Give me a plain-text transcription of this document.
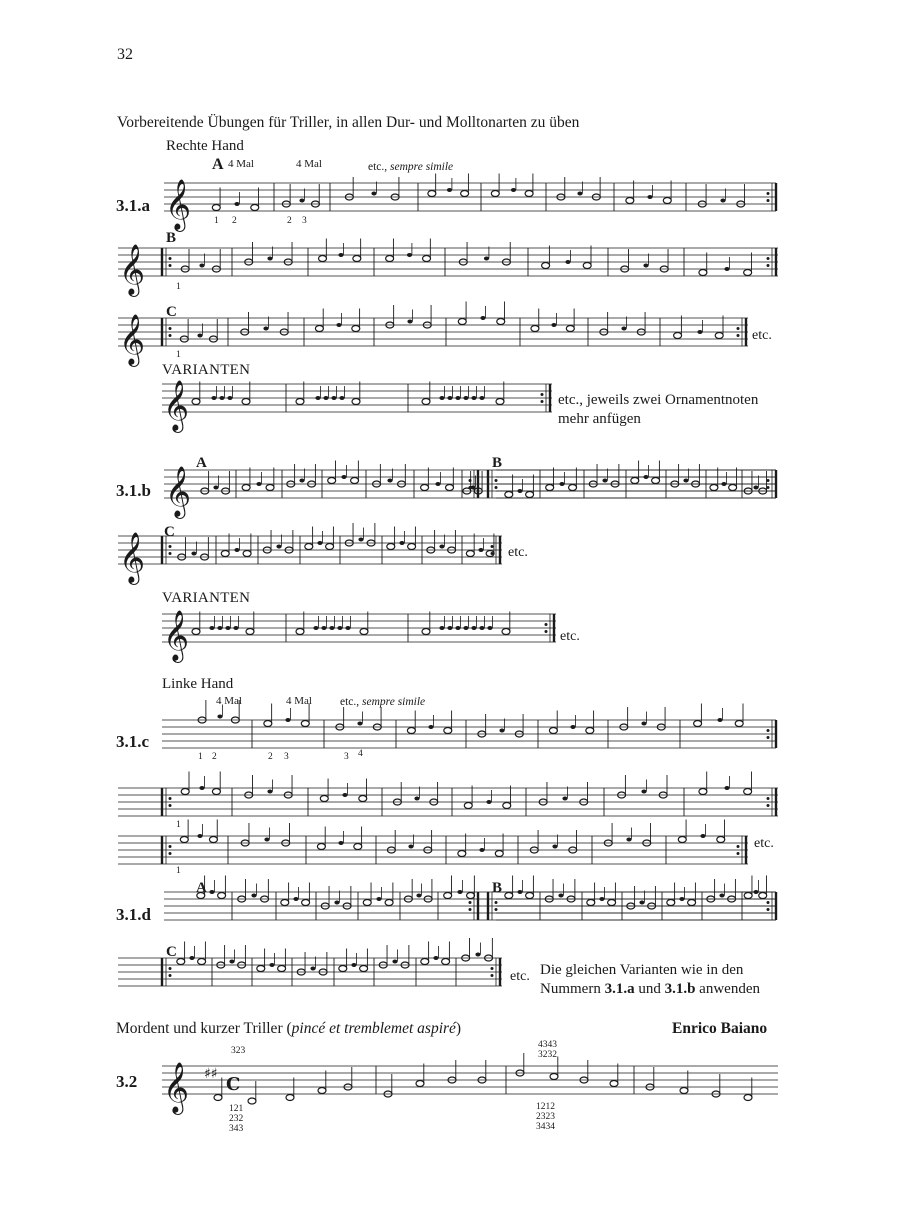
32
Vorbereitende Übungen für Triller, in allen Dur- und Molltonarten zu üben
Rechte Hand
A 4 Mal	4 Mal	etc., sempre simile
3.1.a
1 2	2 3
B
1
C
1
etc.
VARIANTEN
etc., jeweils zwei Ornamentnoten
mehr anfügen
A	B
3.1.b
C
etc.
VARIANTEN
etc.
Linke Hand
4 Mal	4 Mal etc., sempre simile
3.1.c
1 2	2 3	3 4
1
1
etc.
A	B
3.1.d
C
etc. Die gleichen Varianten wie in den
Nummern 3.1.a und 3.1.b anwenden
Mordent und kurzer Triller (pincé et tremblemet aspiré)	Enrico Baiano
3.2
323
121
232
343
4343
3232
1212
2323
3434
𝄞
𝄞
𝄞
𝄞
𝄞
𝄞
𝄞
𝄞 ♯♯ C
